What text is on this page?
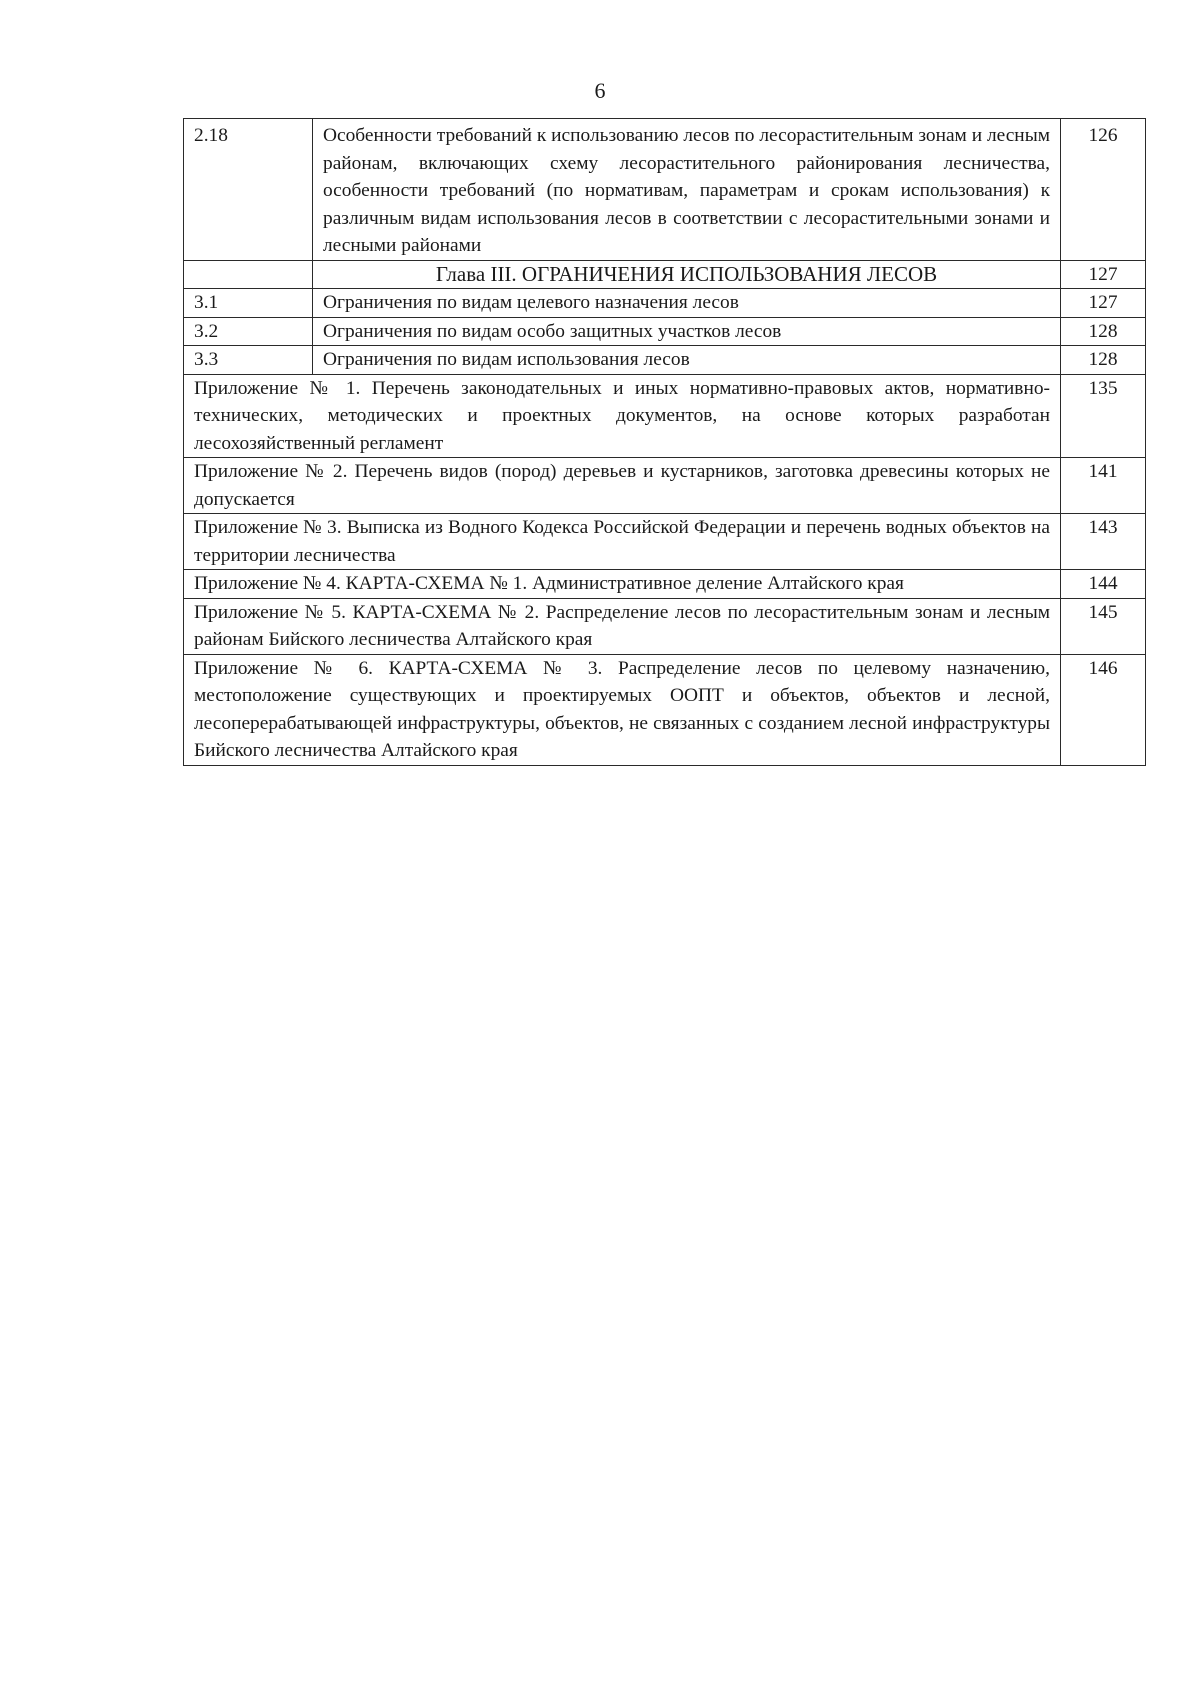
6
2.18	Особенности требований к использованию лесов по лесорастительным зонам и лесным районам, включающих схему лесорастительного районирования лесничества, особенности требований (по нормативам, параметрам и срокам использования) к различным видам использования лесов в соответствии с лесорастительными зонами и лесными районами	126
	Глава III. ОГРАНИЧЕНИЯ ИСПОЛЬЗОВАНИЯ ЛЕСОВ	127
3.1	Ограничения по видам целевого назначения лесов	127
3.2	Ограничения по видам особо защитных участков лесов	128
3.3	Ограничения по видам использования лесов	128
Приложение № 1. Перечень законодательных и иных нормативно-правовых актов, нормативно-технических, методических и проектных документов, на основе которых разработан лесохозяйственный регламент		135
Приложение № 2. Перечень видов (пород) деревьев и кустарников, заготовка древесины которых не допускается		141
Приложение № 3. Выписка из Водного Кодекса Российской Федерации и перечень водных объектов на территории лесничества		143
Приложение № 4. КАРТА-СХЕМА № 1. Административное деление Алтайского края		144
Приложение № 5. КАРТА-СХЕМА № 2. Распределение лесов по лесорастительным зонам и лесным районам Бийского лесничества Алтайского края		145
Приложение № 6. КАРТА-СХЕМА № 3. Распределение лесов по целевому назначению, местоположение существующих и проектируемых ООПТ и объектов, объектов и лесной, лесоперерабатывающей инфраструктуры, объектов, не связанных с созданием лесной инфраструктуры Бийского лесничества Алтайского края		146
